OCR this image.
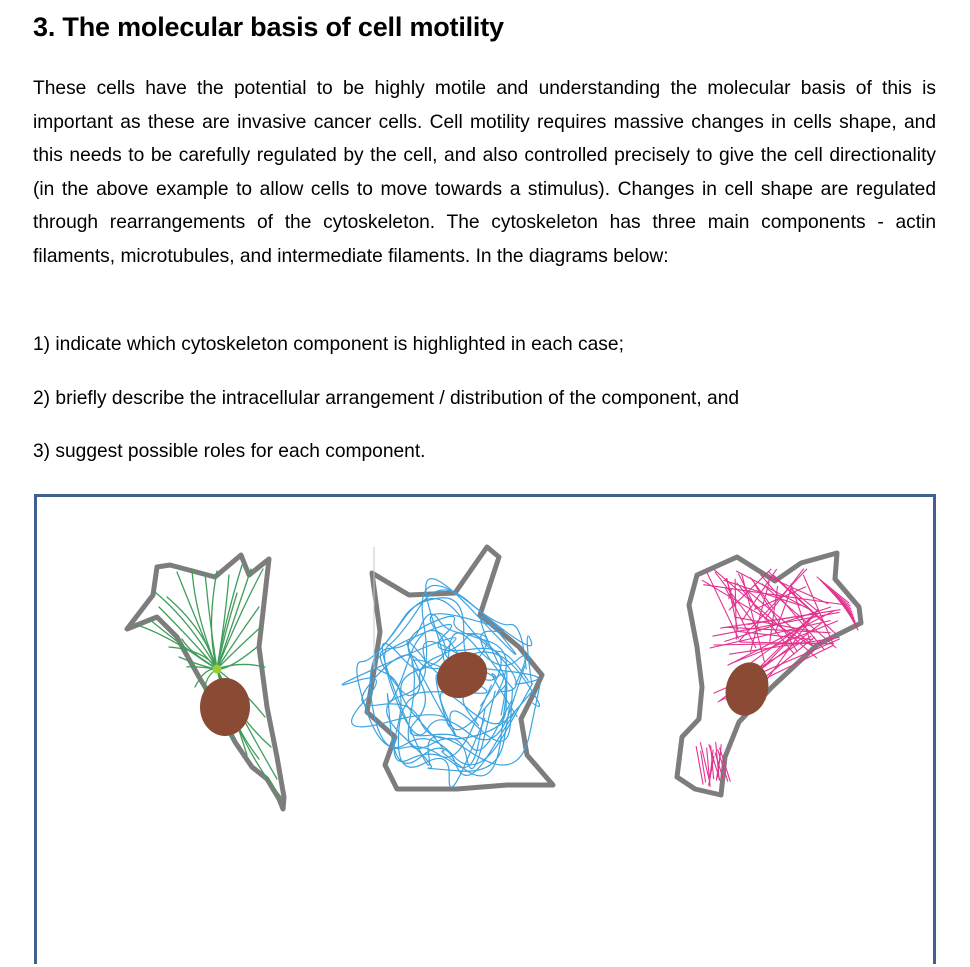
3. The molecular basis of cell motility

These cells have the potential to be highly motile and understanding the molecular basis of this is important as these are invasive cancer cells. Cell motility requires massive changes in cells shape, and this needs to be carefully regulated by the cell, and also controlled precisely to give the cell directionality (in the above example to allow cells to move towards a stimulus). Changes in cell shape are regulated through rearrangements of the cytoskeleton. The cytoskeleton has three main components - actin filaments, microtubules, and intermediate filaments. In the diagrams below:

1) indicate which cytoskeleton component is highlighted in each case;

2) briefly describe the intracellular arrangement / distribution of the component, and

3) suggest possible roles for each component.
